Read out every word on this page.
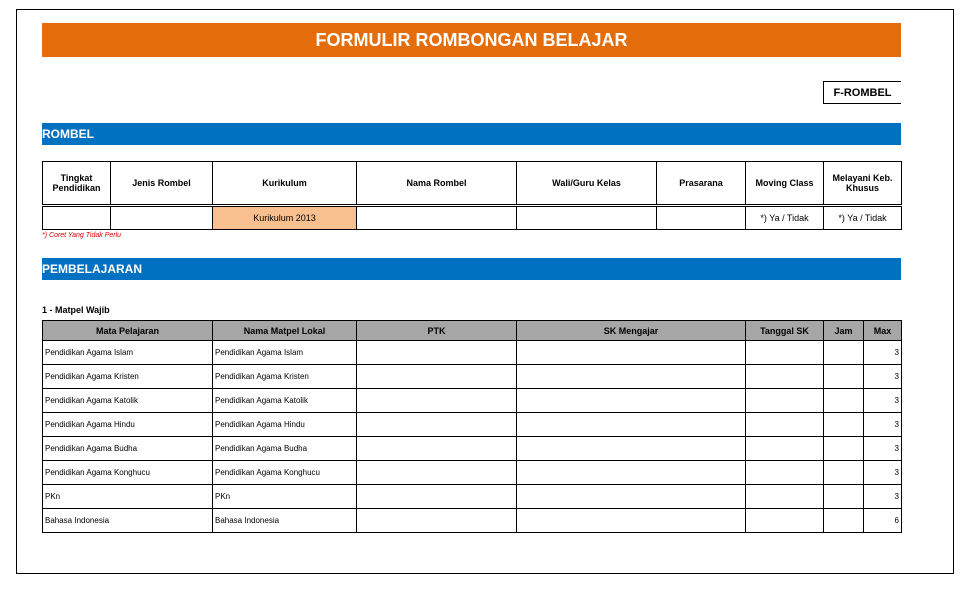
FORMULIR ROMBONGAN BELAJAR
F-ROMBEL
ROMBEL
Tingkat Pendidikan	Jenis Rombel	Kurikulum	Nama Rombel	Wali/Guru Kelas	Prasarana	Moving Class	Melayani Keb. Khusus
		Kurikulum 2013				*) Ya / Tidak	*) Ya / Tidak
*) Coret Yang Tidak Perlu
PEMBELAJARAN
1 - Matpel Wajib
Mata Pelajaran	Nama Matpel Lokal	PTK	SK Mengajar	Tanggal SK	Jam	Max
Pendidikan Agama Islam	Pendidikan Agama Islam					3
Pendidikan Agama Kristen	Pendidikan Agama Kristen					3
Pendidikan Agama Katolik	Pendidikan Agama Katolik					3
Pendidikan Agama Hindu	Pendidikan Agama Hindu					3
Pendidikan Agama Budha	Pendidikan Agama Budha					3
Pendidikan Agama Konghucu	Pendidikan Agama Konghucu					3
PKn	PKn					3
Bahasa Indonesia	Bahasa Indonesia					6
